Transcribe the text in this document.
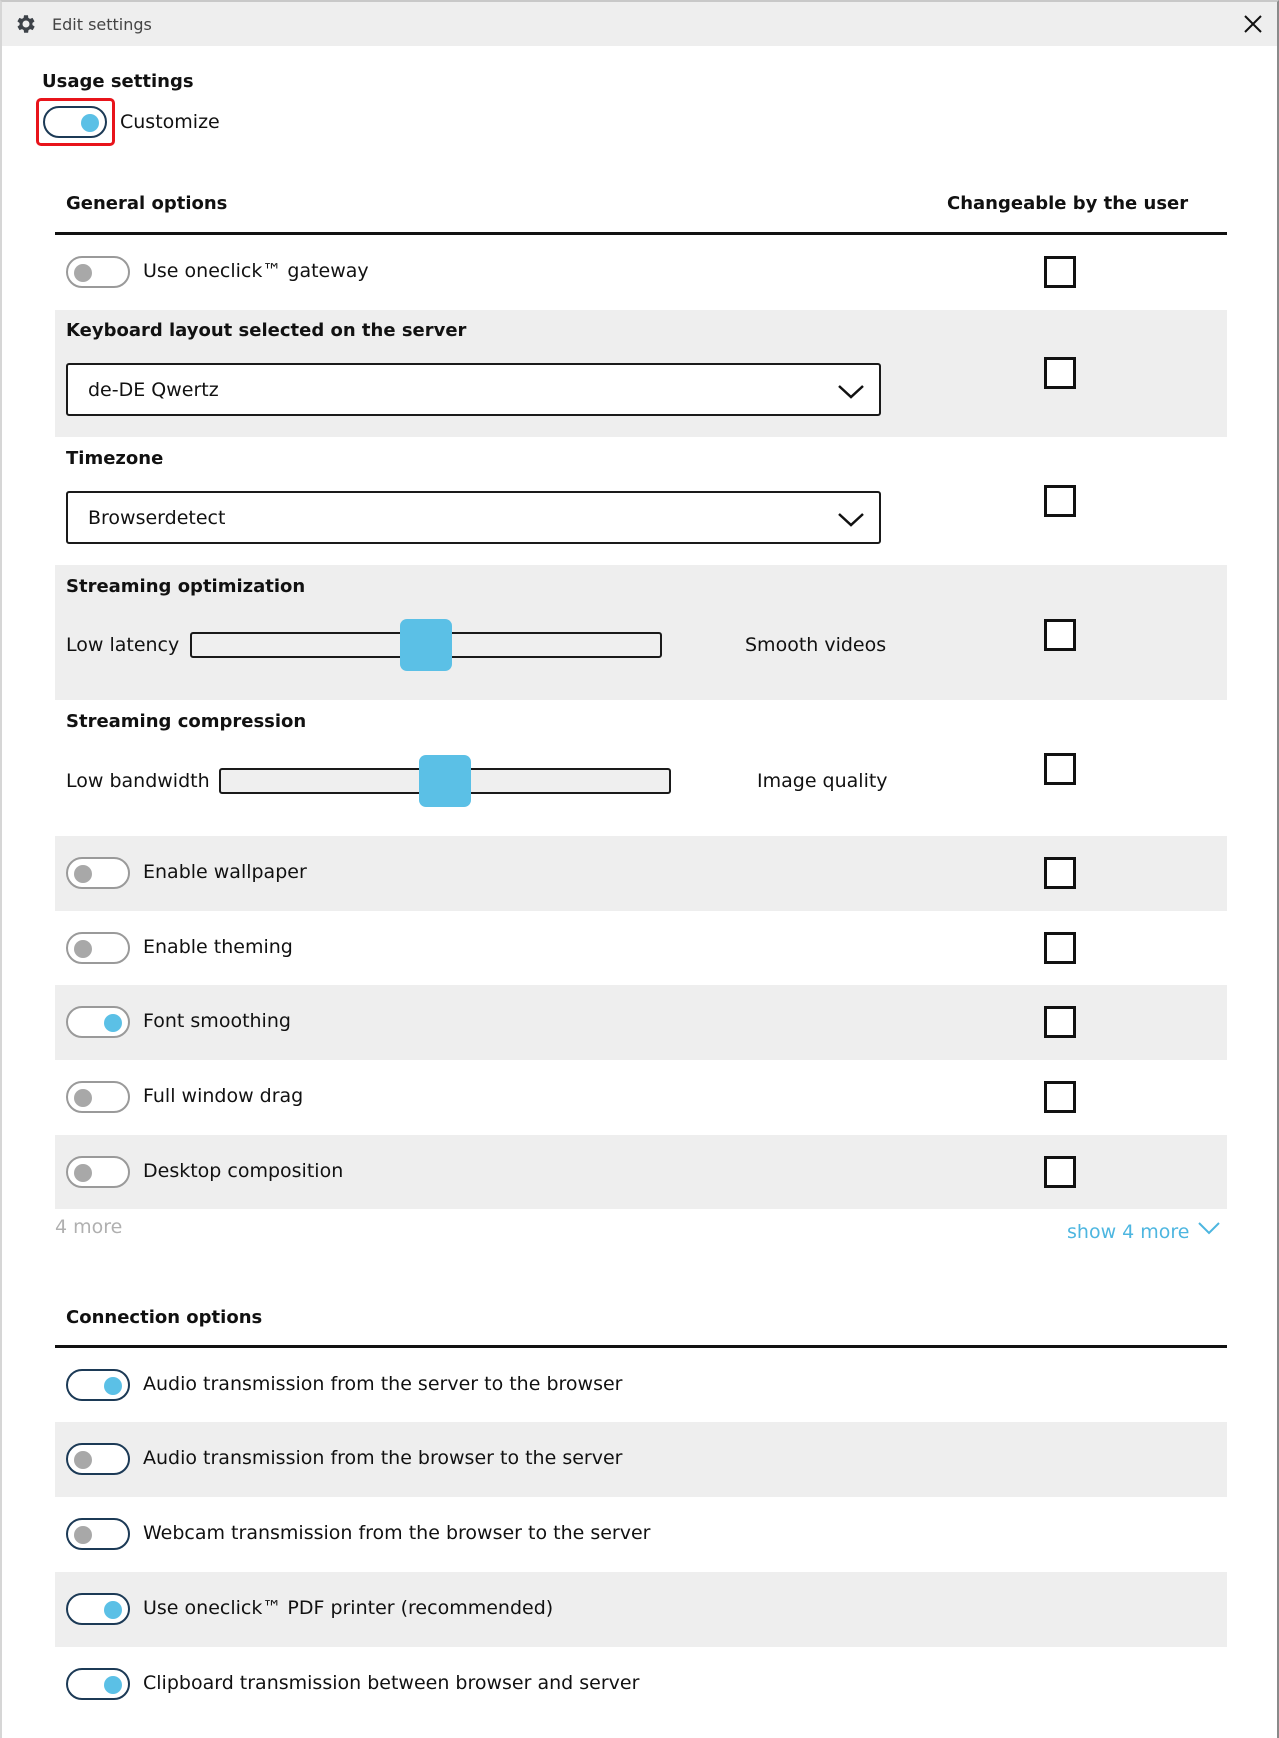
Edit settings
Usage settings
Customize
General options	Changeable by the user
Use oneclick™ gateway
Keyboard layout selected on the server
de-DE Qwertz
Timezone
Browserdetect
Streaming optimization
Low latency	Smooth videos
Streaming compression
Low bandwidth	Image quality
Enable wallpaper
Enable theming
Font smoothing
Full window drag
Desktop composition
4 more	show 4 more
Connection options
Audio transmission from the server to the browser
Audio transmission from the browser to the server
Webcam transmission from the browser to the server
Use oneclick™ PDF printer (recommended)
Clipboard transmission between browser and server
